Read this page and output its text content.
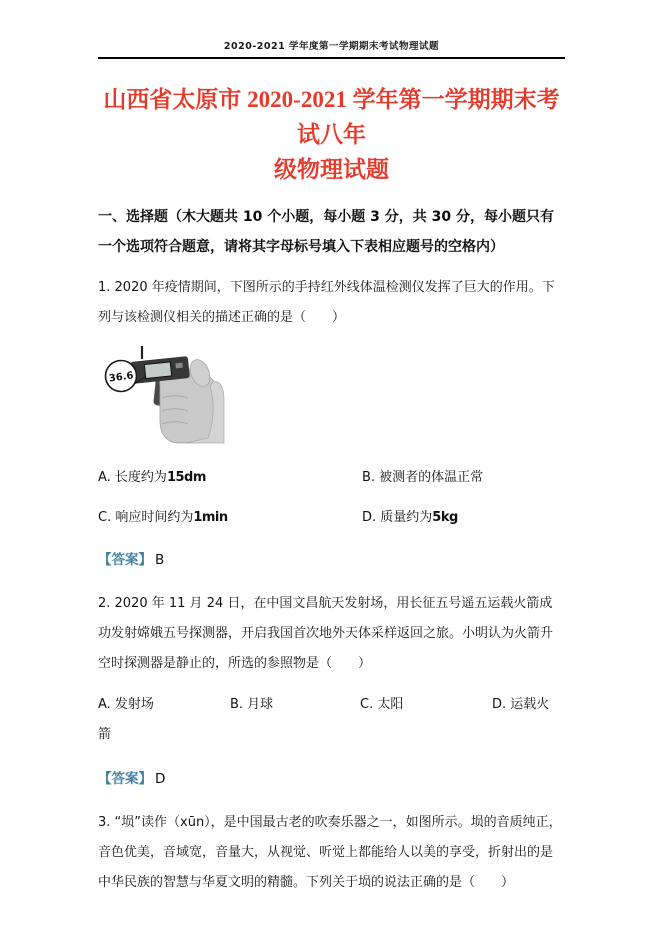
2020-2021 学年度第一学期期末考试物理试题
山西省太原市 2020-2021 学年第一学期期末考试八年
级物理试题
一、选择题（木大题共 10 个小题，每小题 3 分，共 30 分，每小题只有一个选项符合题意，请将其字母标号填入下表相应题号的空格内）
1. 2020 年疫情期间，下图所示的手持红外线体温检测仪发挥了巨大的作用。下列与该检测仪相关的描述正确的是（　　）
36.6
A. 长度约为15dm	B. 被测者的体温正常
C. 响应时间约为1min	D. 质量约为5kg
【答案】 B
2. 2020 年 11 月 24 日，在中国文昌航天发射场，用长征五号遥五运载火箭成功发射嫦娥五号探测器，开启我国首次地外天体采样返回之旅。小明认为火箭升空时探测器是静止的，所选的参照物是（　　）
A. 发射场	B. 月球	C. 太阳	D. 运载火
箭
【答案】 D
3. “埙”读作（xūn），是中国最古老的吹奏乐器之一，如图所示。埙的音质纯正，音色优美，音域宽，音量大，从视觉、听觉上都能给人以美的享受，折射出的是中华民族的智慧与华夏文明的精髓。下列关于埙的说法正确的是（　　）
